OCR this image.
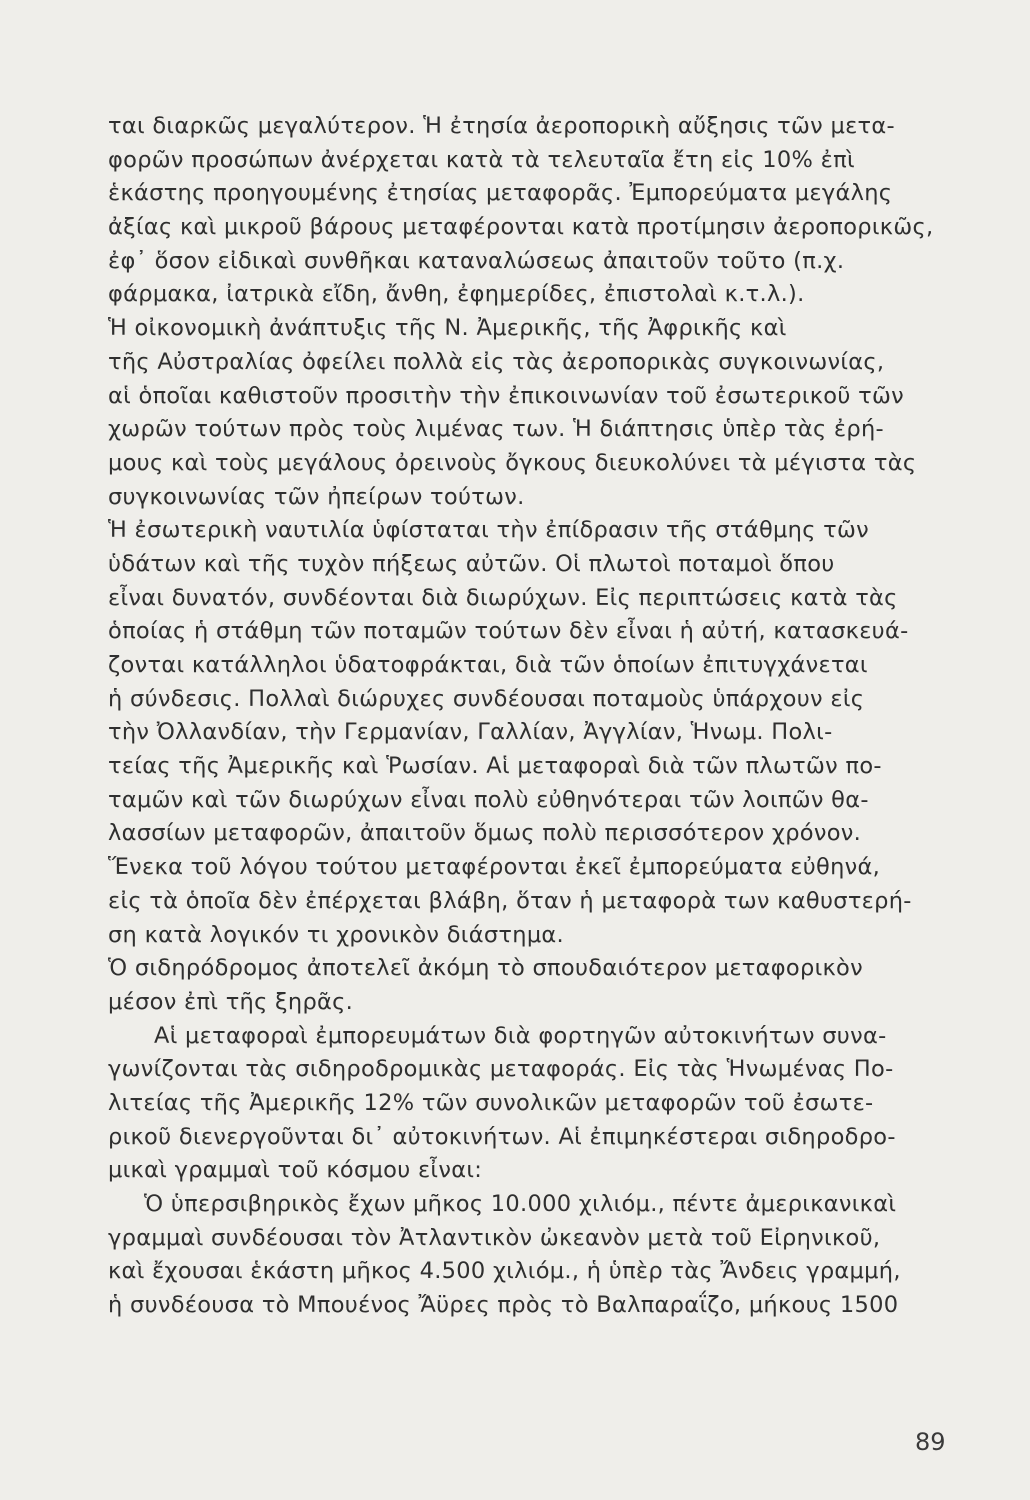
ται διαρκῶς μεγαλύτερον. Ἡ ἐτησία ἀεροπορικὴ αὔξησις τῶν μετα-
φορῶν προσώπων ἀνέρχεται κατὰ τὰ τελευταῖα ἔτη εἰς 10% ἐπὶ
ἑκάστης προηγουμένης ἐτησίας μεταφορᾶς. Ἐμπορεύματα μεγάλης
ἀξίας καὶ μικροῦ βάρους μεταφέρονται κατὰ προτίμησιν ἀεροπορικῶς,
ἐφ᾿ ὅσον εἰδικαὶ συνθῆκαι καταναλώσεως ἀπαιτοῦν τοῦτο (π.χ.
φάρμακα, ἰατρικὰ εἴδη, ἄνθη, ἐφημερίδες, ἐπιστολαὶ κ.τ.λ.).
Ἡ οἰκονομικὴ ἀνάπτυξις τῆς Ν. Ἀμερικῆς, τῆς Ἀφρικῆς καὶ
τῆς Αὐστραλίας ὀφείλει πολλὰ εἰς τὰς ἀεροπορικὰς συγκοινωνίας,
αἱ ὁποῖαι καθιστοῦν προσιτὴν τὴν ἐπικοινωνίαν τοῦ ἐσωτερικοῦ τῶν
χωρῶν τούτων πρὸς τοὺς λιμένας των. Ἡ διάπτησις ὑπὲρ τὰς ἐρή-
μους καὶ τοὺς μεγάλους ὀρεινοὺς ὄγκους διευκολύνει τὰ μέγιστα τὰς
συγκοινωνίας τῶν ἠπείρων τούτων.
Ἡ ἐσωτερικὴ ναυτιλία ὑφίσταται τὴν ἐπίδρασιν τῆς στάθμης τῶν
ὑδάτων καὶ τῆς τυχὸν πήξεως αὐτῶν. Οἱ πλωτοὶ ποταμοὶ ὅπου
εἶναι δυνατόν, συνδέονται διὰ διωρύχων. Εἰς περιπτώσεις κατὰ τὰς
ὁποίας ἡ στάθμη τῶν ποταμῶν τούτων δὲν εἶναι ἡ αὐτή, κατασκευά-
ζονται κατάλληλοι ὑδατοφράκται, διὰ τῶν ὁποίων ἐπιτυγχάνεται
ἡ σύνδεσις. Πολλαὶ διώρυχες συνδέουσαι ποταμοὺς ὑπάρχουν εἰς
τὴν Ὀλλανδίαν, τὴν Γερμανίαν, Γαλλίαν, Ἀγγλίαν, Ἡνωμ. Πολι-
τείας τῆς Ἀμερικῆς καὶ Ῥωσίαν. Αἱ μεταφοραὶ διὰ τῶν πλωτῶν πο-
ταμῶν καὶ τῶν διωρύχων εἶναι πολὺ εὐθηνότεραι τῶν λοιπῶν θα-
λασσίων μεταφορῶν, ἀπαιτοῦν ὅμως πολὺ περισσότερον χρόνον.
Ἕνεκα τοῦ λόγου τούτου μεταφέρονται ἐκεῖ ἐμπορεύματα εὐθηνά,
εἰς τὰ ὁποῖα δὲν ἐπέρχεται βλάβη, ὅταν ἡ μεταφορὰ των καθυστερή-
ση κατὰ λογικόν τι χρονικὸν διάστημα.
Ὁ σιδηρόδρομος ἀποτελεῖ ἀκόμη τὸ σπουδαιότερον μεταφορικὸν
μέσον ἐπὶ τῆς ξηρᾶς.
Αἱ μεταφοραὶ ἐμπορευμάτων διὰ φορτηγῶν αὐτοκινήτων συνα-
γωνίζονται τὰς σιδηροδρομικὰς μεταφοράς. Εἰς τὰς Ἡνωμένας Πο-
λιτείας τῆς Ἀμερικῆς 12% τῶν συνολικῶν μεταφορῶν τοῦ ἐσωτε-
ρικοῦ διενεργοῦνται δι᾿ αὐτοκινήτων. Αἱ ἐπιμηκέστεραι σιδηροδρο-
μικαὶ γραμμαὶ τοῦ κόσμου εἶναι:
Ὁ ὑπερσιβηρικὸς ἔχων μῆκος 10.000 χιλιόμ., πέντε ἀμερικανικαὶ
γραμμαὶ συνδέουσαι τὸν Ἀτλαντικὸν ὠκεανὸν μετὰ τοῦ Εἰρηνικοῦ,
καὶ ἔχουσαι ἑκάστη μῆκος 4.500 χιλιόμ., ἡ ὑπὲρ τὰς Ἄνδεις γραμμή,
ἡ συνδέουσα τὸ Μπουένος Ἄϋρες πρὸς τὸ Βαλπαραΐζο, μήκους 1500
89
